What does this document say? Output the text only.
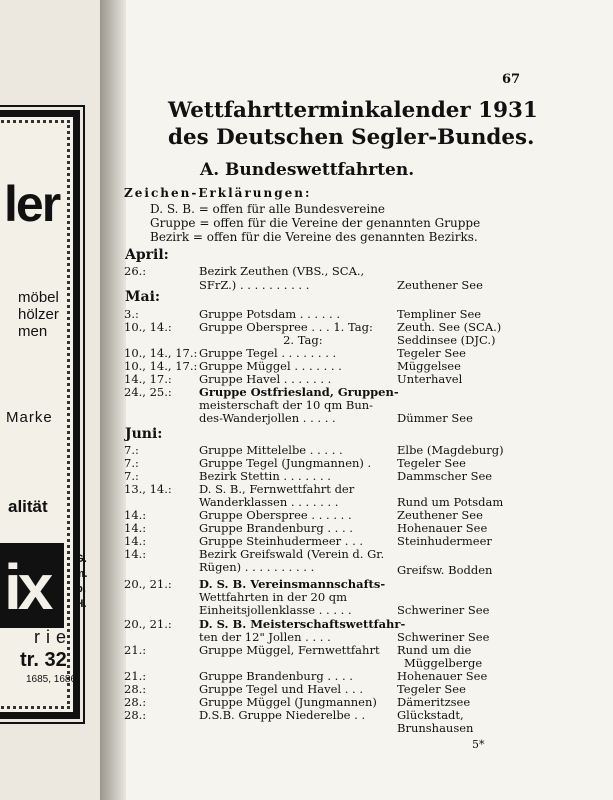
ler
möbel
hölzer
men
Marke
alität
ix G.
m.
b.
H.
rie
tr. 32
1685, 1686
67
Wettfahrtterminkalender 1931
des Deutschen Segler-Bundes.
A. Bundeswettfahrten.
Zeichen-Erklärungen:
D. S. B. = offen für alle Bundesvereine
Gruppe = offen für die Vereine der genannten Gruppe
Bezirk = offen für die Vereine des genannten Bezirks.
April:
Mai:
Juni:
26.:	Bezirk Zeuthen (VBS., SCA.,
SFrZ.) . . . . . . . . . .	Zeuthener See
3.:	Gruppe Potsdam . . . . . .	Templiner See
10., 14.: Gruppe Oberspree . . . 1. Tag: Zeuth. See (SCA.)
2. Tag:	Seddinsee (DJC.)
10., 14., 17.: Gruppe Tegel . . . . . . . .	Tegeler See
10., 14., 17.: Gruppe Müggel . . . . . . .	Müggelsee
14., 17.: Gruppe Havel . . . . . . .	Unterhavel
24., 25.: Gruppe Ostfriesland, Gruppen-
meisterschaft der 10 qm Bun-
des-Wanderjollen . . . . .	Dümmer See
7.:	Gruppe Mittelelbe . . . . .	Elbe (Magdeburg)
7.:	Gruppe Tegel (Jungmannen) . Tegeler See
7.:	Bezirk Stettin . . . . . . .	Dammscher See
13., 14.: D. S. B., Fernwettfahrt der
Wanderklassen . . . . . . .	Rund um Potsdam
14.:	Gruppe Oberspree . . . . . .	Zeuthener See
14.:	Gruppe Brandenburg . . . .	Hohenauer See
14.:	Gruppe Steinhudermeer . . .	Steinhudermeer
14.:	Bezirk Greifswald (Verein d. Gr.
Rügen) . . . . . . . . . .	Greifsw. Bodden
20., 21.: D. S. B. Vereinsmannschafts-
Wettfahrten in der 20 qm
Einheitsjollenklasse . . . . .	Schweriner See
20., 21.: D. S. B. Meisterschaftswettfahr-
ten der 12" Jollen . . . .	Schweriner See
21.:	Gruppe Müggel, Fernwettfahrt Rund um die
Müggelberge
21.:	Gruppe Brandenburg . . . .	Hohenauer See
28.:	Gruppe Tegel und Havel . . .	Tegeler See
28.:	Gruppe Müggel (Jungmannen) Dämeritzsee
28.:	D.S.B. Gruppe Niederelbe . .	Glückstadt,
Brunshausen
5*
